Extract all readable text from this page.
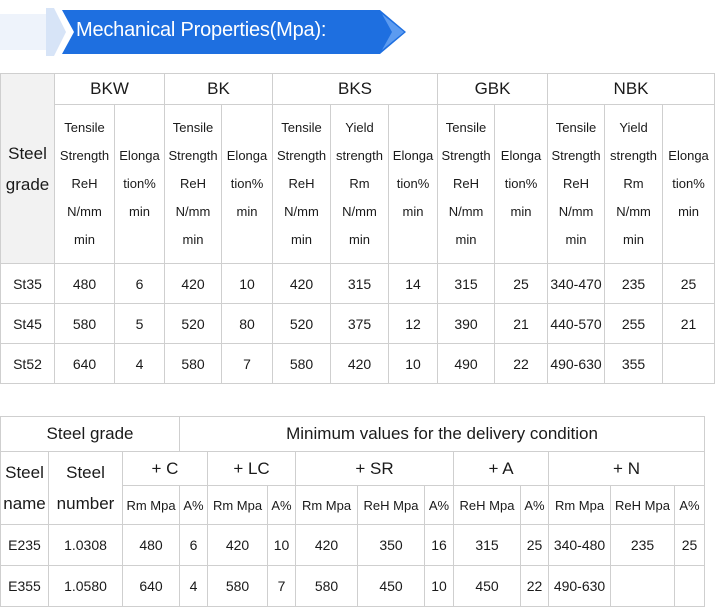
Mechanical Properties(Mpa):
Steel
grade	BKW		BK		BKS			GBK		NBK		

	Tensile
Strength
ReH
N/mm
min	Elonga
tion%
min	Tensile
Strength
ReH
N/mm
min	Elonga
tion%
min	Tensile
Strength
ReH
N/mm
min	Yield
strength
Rm
N/mm
min	Elonga
tion%
min	Tensile
Strength
ReH
N/mm
min	Elonga
tion%
min	Tensile
Strength
ReH
N/mm
min	Yield
strength
Rm
N/mm
min	Elonga
tion%
min

St35	480	6	420	10	420	315	14	315	25	340-470	235	25
St45	580	5	520	80	520	375	12	390	21	440-570	255	21
St52	640	4	580	7	580	420	10	490	22	490-630	355	
Steel grade			Minimum values for the delivery condition										

Steel
name	Steel
number	+ C		+ LC		+ SR			+ A		+ N		
		Rm Mpa	A%	Rm Mpa	A%	Rm Mpa	ReH Mpa	A%	ReH Mpa	A%	Rm Mpa	ReH Mpa	A%
E235	1.0308	480	6	420	10	420	350	16	315	25	340-480	235	25
E355	1.0580	640	4	580	7	580	450	10	450	22	490-630		
